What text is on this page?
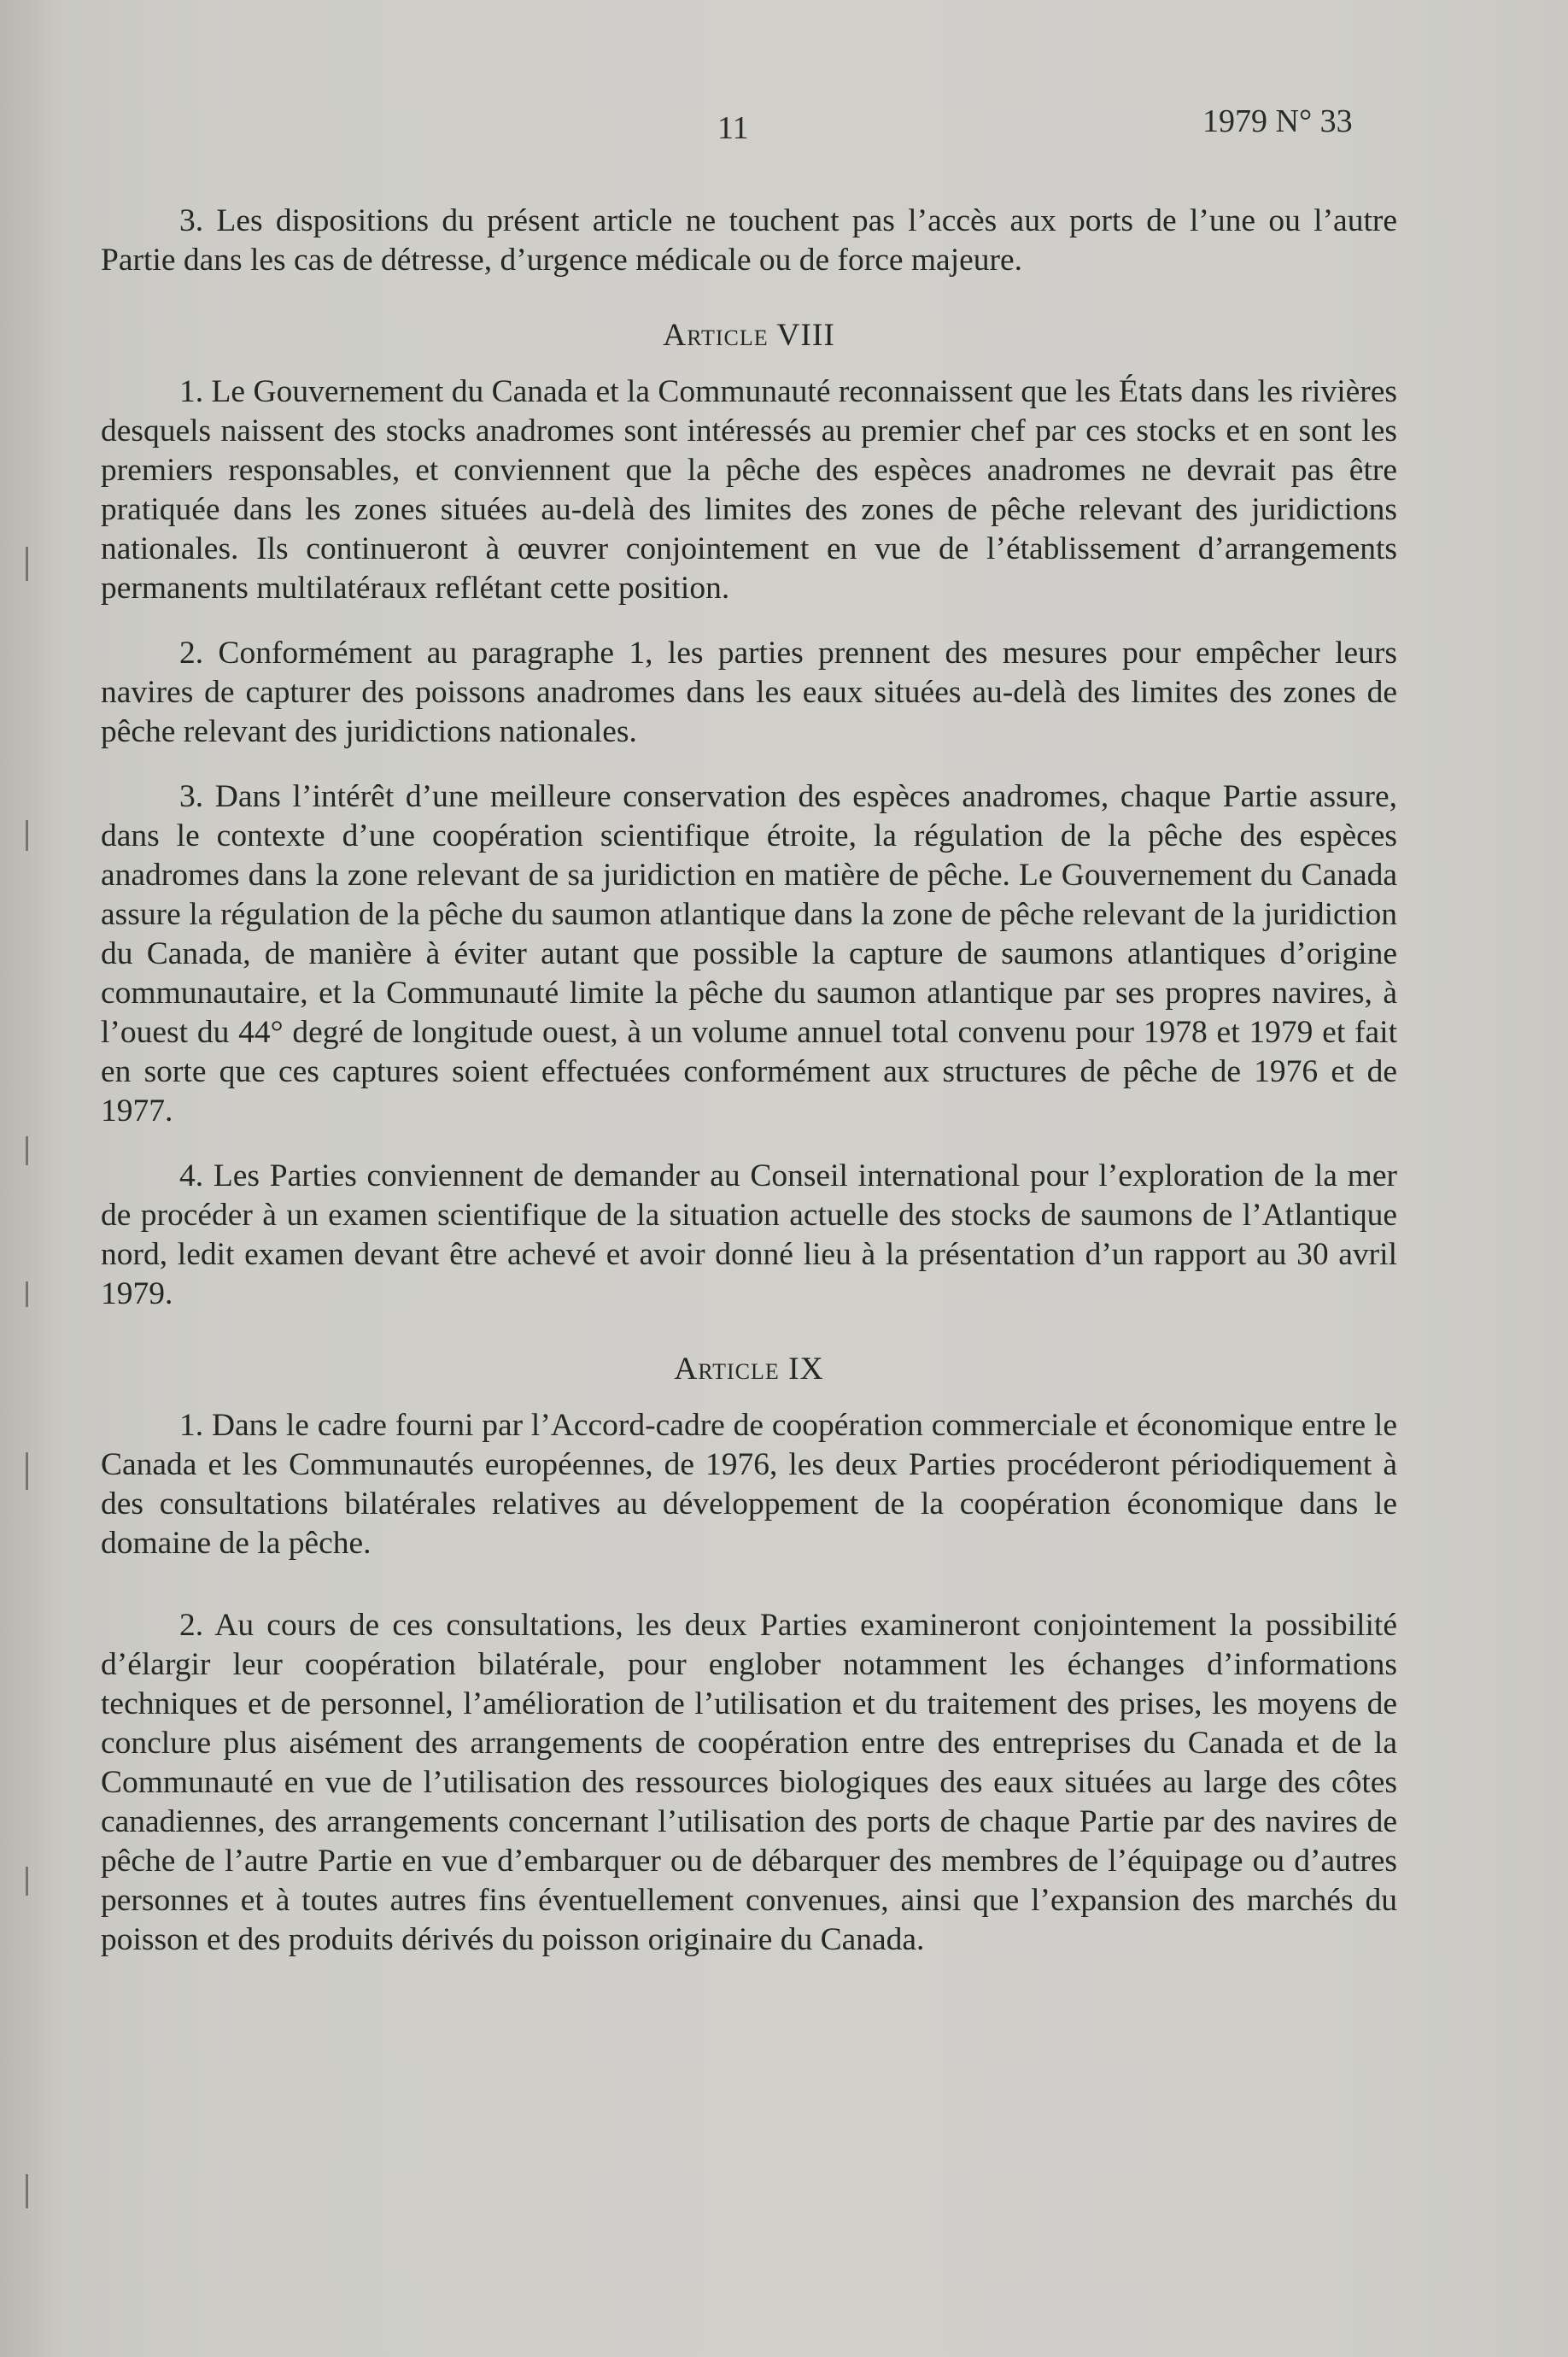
11	1979 N° 33

3. Les dispositions du présent article ne touchent pas l’accès aux ports de l’une ou l’autre Partie dans les cas de détresse, d’urgence médicale ou de force majeure.

Article VIII

1. Le Gouvernement du Canada et la Communauté reconnaissent que les États dans les rivières desquels naissent des stocks anadromes sont intéressés au premier chef par ces stocks et en sont les premiers responsables, et conviennent que la pêche des espèces anadromes ne devrait pas être pratiquée dans les zones situées au-delà des limites des zones de pêche relevant des juridictions nationales. Ils continueront à œuvrer conjointement en vue de l’établissement d’arrangements permanents multilatéraux reflétant cette position.

2. Conformément au paragraphe 1, les parties prennent des mesures pour empêcher leurs navires de capturer des poissons anadromes dans les eaux situées au-delà des limites des zones de pêche relevant des juridictions nationales.

3. Dans l’intérêt d’une meilleure conservation des espèces anadromes, chaque Partie assure, dans le contexte d’une coopération scientifique étroite, la régulation de la pêche des espèces anadromes dans la zone relevant de sa juridiction en matière de pêche. Le Gouvernement du Canada assure la régulation de la pêche du saumon atlantique dans la zone de pêche relevant de la juridiction du Canada, de manière à éviter autant que possible la capture de saumons atlantiques d’origine communautaire, et la Communauté limite la pêche du saumon atlantique par ses propres navires, à l’ouest du 44° degré de longitude ouest, à un volume annuel total convenu pour 1978 et 1979 et fait en sorte que ces captures soient effectuées conformément aux structures de pêche de 1976 et de 1977.

4. Les Parties conviennent de demander au Conseil international pour l’exploration de la mer de procéder à un examen scientifique de la situation actuelle des stocks de saumons de l’Atlantique nord, ledit examen devant être achevé et avoir donné lieu à la présentation d’un rapport au 30 avril 1979.

Article IX

1. Dans le cadre fourni par l’Accord-cadre de coopération commerciale et économique entre le Canada et les Communautés européennes, de 1976, les deux Parties procéderont périodiquement à des consultations bilatérales relatives au développement de la coopération économique dans le domaine de la pêche.

2. Au cours de ces consultations, les deux Parties examineront conjointement la possibilité d’élargir leur coopération bilatérale, pour englober notamment les échanges d’informations techniques et de personnel, l’amélioration de l’utilisation et du traitement des prises, les moyens de conclure plus aisément des arrangements de coopération entre des entreprises du Canada et de la Communauté en vue de l’utilisation des ressources biologiques des eaux situées au large des côtes canadiennes, des arrangements concernant l’utilisation des ports de chaque Partie par des navires de pêche de l’autre Partie en vue d’embarquer ou de débarquer des membres de l’équipage ou d’autres personnes et à toutes autres fins éventuellement convenues, ainsi que l’expansion des marchés du poisson et des produits dérivés du poisson originaire du Canada.
